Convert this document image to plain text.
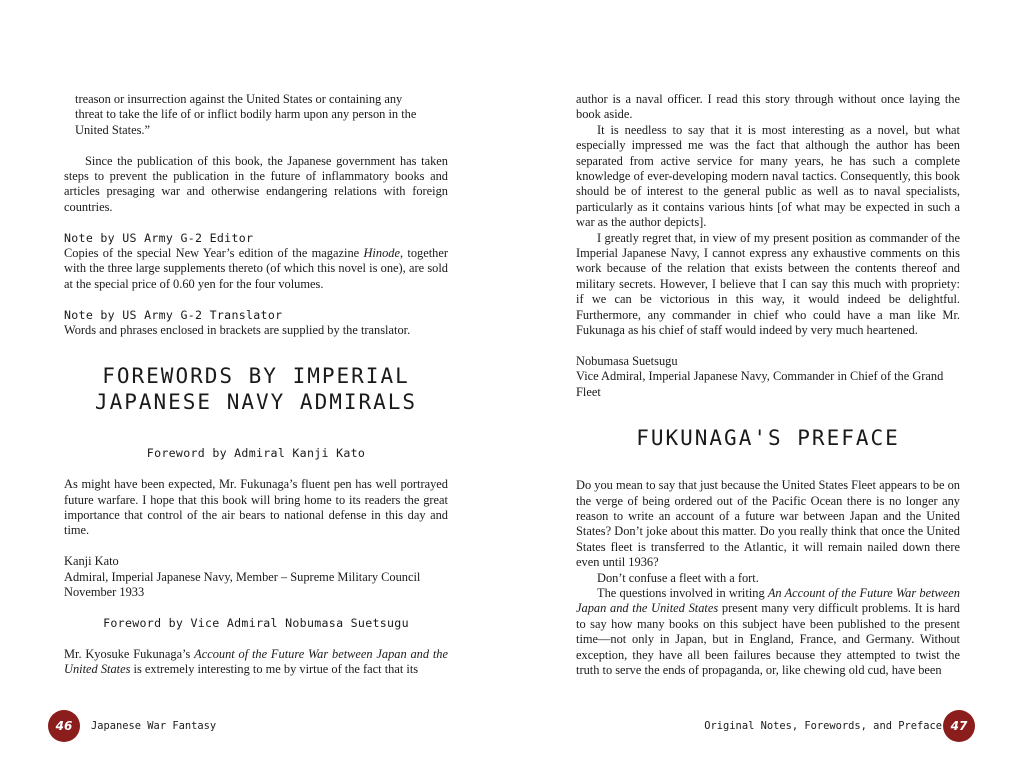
treason or insurrection against the United States or containing any
threat to take the life of or inflict bodily harm upon any person in the
United States.”

Since the publication of this book, the Japanese government has taken steps to prevent the publication in the future of inflammatory books and articles presaging war and otherwise endangering relations with foreign countries.

Note by US Army G-2 Editor

Copies of the special New Year’s edition of the magazine Hinode, together with the three large supplements thereto (of which this novel is one), are sold at the special price of 0.60 yen for the four volumes.

Note by US Army G-2 Translator

Words and phrases enclosed in brackets are supplied by the translator.

FOREWORDS BY IMPERIAL
JAPANESE NAVY ADMIRALS
Foreword by Admiral Kanji Kato

As might have been expected, Mr. Fukunaga’s fluent pen has well portrayed future warfare. I hope that this book will bring home to its readers the great importance that control of the air bears to national defense in this day and time.

Kanji Kato

Admiral, Imperial Japanese Navy, Member – Supreme Military Council

November 1933

Foreword by Vice Admiral Nobumasa Suetsugu

Mr. Kyosuke Fukunaga’s Account of the Future War between Japan and the United States is extremely interesting to me by virtue of the fact that its

46	Japanese War Fantasy

author is a naval officer. I read this story through without once laying the book aside.

It is needless to say that it is most interesting as a novel, but what especially impressed me was the fact that although the author has been separated from active service for many years, he has such a complete knowledge of ever-developing modern naval tactics. Consequently, this book should be of interest to the general public as well as to naval specialists, particularly as it contains various hints [of what may be expected in such a war as the author depicts].

I greatly regret that, in view of my present position as commander of the Imperial Japanese Navy, I cannot express any exhaustive comments on this work because of the relation that exists between the contents thereof and military secrets. However, I believe that I can say this much with propriety: if we can be victorious in this way, it would indeed be delightful. Furthermore, any commander in chief who could have a man like Mr. Fukunaga as his chief of staff would indeed by very much heartened.

Nobumasa Suetsugu

Vice Admiral, Imperial Japanese Navy, Commander in Chief of the Grand Fleet

FUKUNAGA'S PREFACE

Do you mean to say that just because the United States Fleet appears to be on the verge of being ordered out of the Pacific Ocean there is no longer any reason to write an account of a future war between Japan and the United States? Don’t joke about this matter. Do you really think that once the United States fleet is transferred to the Atlantic, it will remain nailed down there even until 1936?

Don’t confuse a fleet with a fort.

The questions involved in writing An Account of the Future War between Japan and the United States present many very difficult problems. It is hard to say how many books on this subject have been published to the present time—not only in Japan, but in England, France, and Germany. Without exception, they have all been failures because they attempted to twist the truth to serve the ends of propaganda, or, like chewing old cud, have been

Original Notes, Forewords, and Preface 47
